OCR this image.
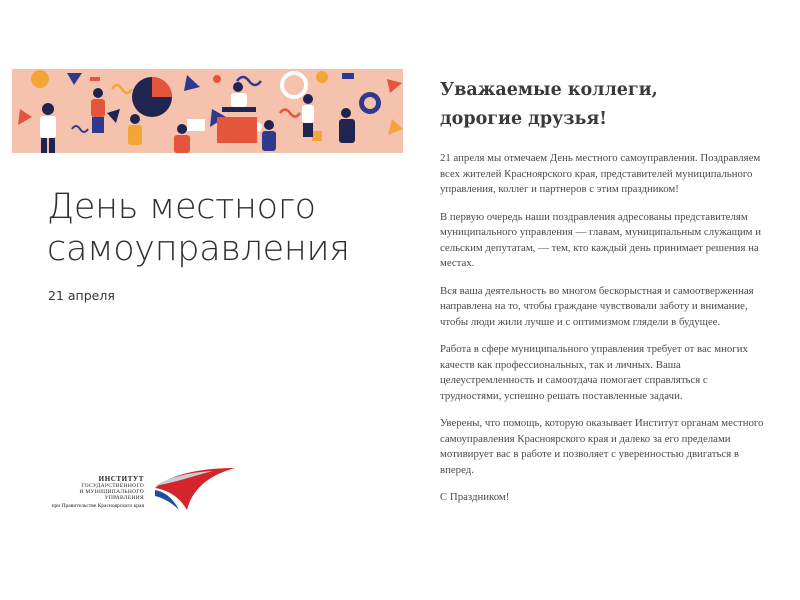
День местного
самоуправления
21 апреля
ИНСТИТУТ
ГОСУДАРСТВЕННОГО
И МУНИЦИПАЛЬНОГО
УПРАВЛЕНИЯ
при Правительстве Красноярского края
Уважаемые коллеги,
дорогие друзья!

21 апреля мы отмечаем День местного самоуправления. Поздравляем всех жителей Красноярского края, представителей муниципального управления, коллег и партнеров с этим праздником!

В первую очередь наши поздравления адресованы представителям муниципального управления — главам, муниципальным служащим и сельским депутатам, — тем, кто каждый день принимает решения на местах.

Вся ваша деятельность во многом бескорыстная и самоотверженная направлена на то, чтобы граждане чувствовали заботу и внимание, чтобы люди жили лучше и с оптимизмом глядели в будущее.

Работа в сфере муниципального управления требует от вас многих качеств как профессиональных, так и личных. Ваша целеустремленность и самоотдача помогает справляться с трудностями, успешно решать поставленные задачи.

Уверены, что помощь, которую оказывает Институт органам местного самоуправления Красноярского края и далеко за его пределами мотивирует вас в работе и позволяет с уверенностью двигаться в вперед.

С Праздником!
